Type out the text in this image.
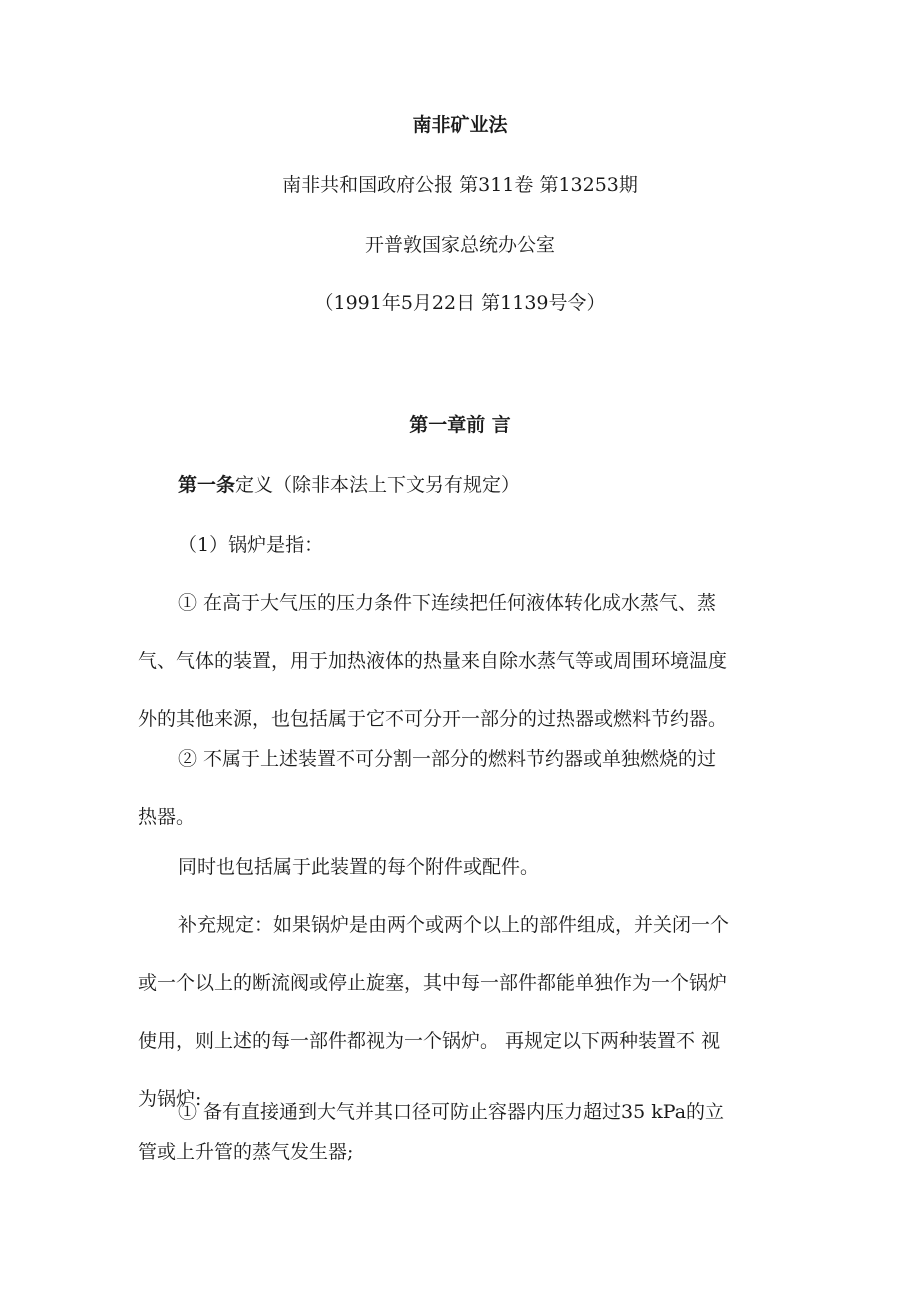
南非矿业法
南非共和国政府公报 第311卷 第13253期
开普敦国家总统办公室
（1991年5月22日 第1139号令）
第一章前 言
第一条定义（除非本法上下文另有规定）
（1）锅炉是指：
① 在高于大气压的压力条件下连续把任何液体转化成水蒸气、蒸
气、气体的装置，用于加热液体的热量来自除水蒸气等或周围环境温度
外的其他来源，也包括属于它不可分开一部分的过热器或燃料节约器。
② 不属于上述装置不可分割一部分的燃料节约器或单独燃烧的过
热器。
同时也包括属于此装置的每个附件或配件。
补充规定：如果锅炉是由两个或两个以上的部件组成，并关闭一个
或一个以上的断流阀或停止旋塞，其中每一部件都能单独作为一个锅炉
使用，则上述的每一部件都视为一个锅炉。 再规定以下两种装置不 视
为锅炉:
① 备有直接通到大气并其口径可防止容器内压力超过35 kPa的立
管或上升管的蒸气发生器;
